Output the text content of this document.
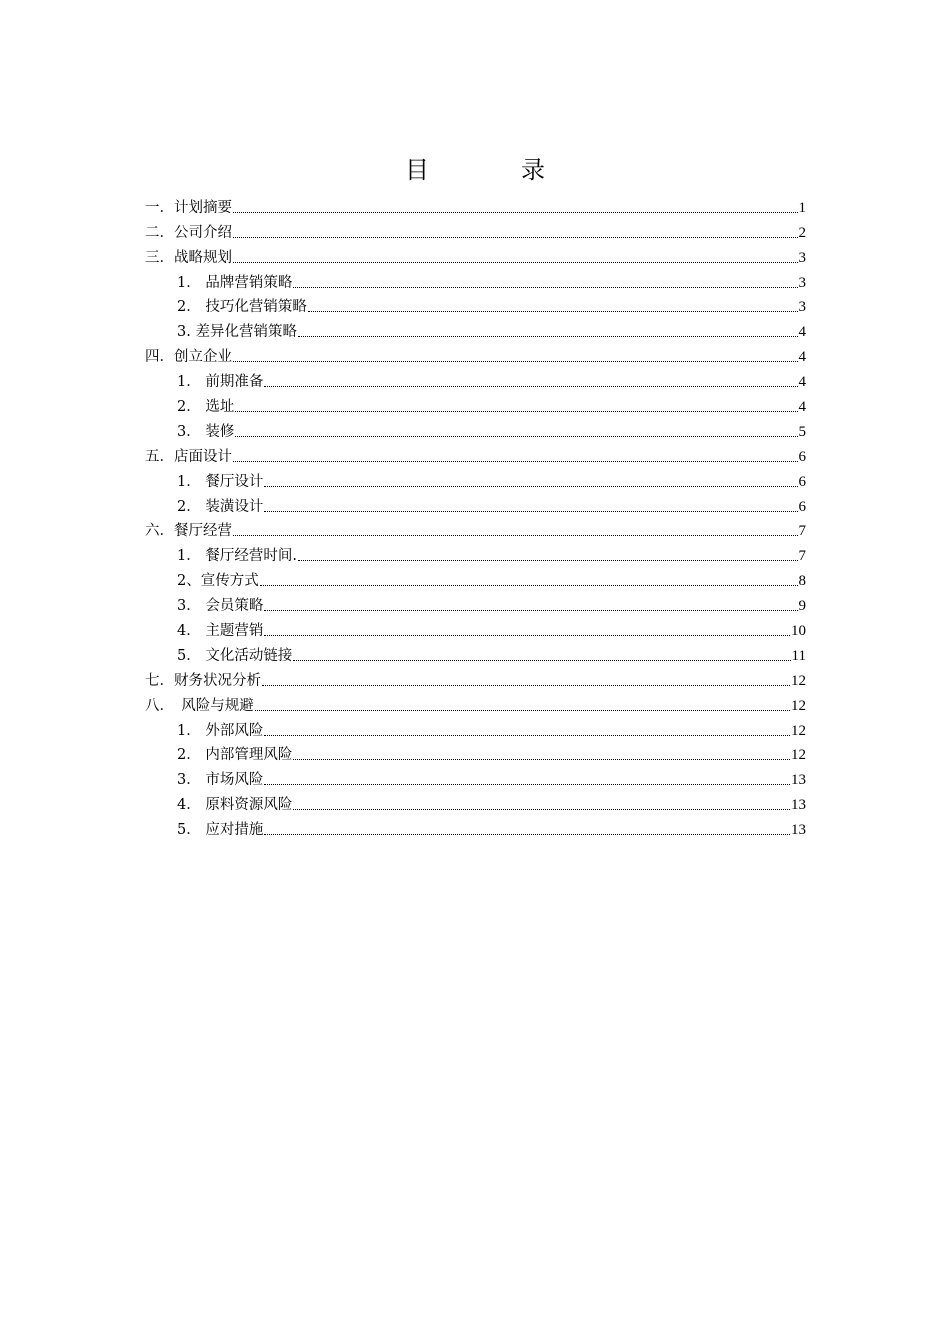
目　录
一．计划摘要	1
二．公司介绍	2
三．战略规划	3
1． 品牌营销策略	3
2． 技巧化营销策略	3
3. 差异化营销策略	4
四．创立企业	4
1． 前期准备	4
2． 选址	4
3． 装修	5
五．店面设计	6
1． 餐厅设计	6
2． 装潢设计	6
六．餐厅经营	7
1． 餐厅经营时间.	7
2、宣传方式	8
3． 会员策略	9
4． 主题营销	10
5． 文化活动链接	11
七．财务状况分析	12
八．　风险与规避	12
1． 外部风险	12
2． 内部管理风险	12
3． 市场风险	13
4． 原料资源风险	13
5． 应对措施	13
